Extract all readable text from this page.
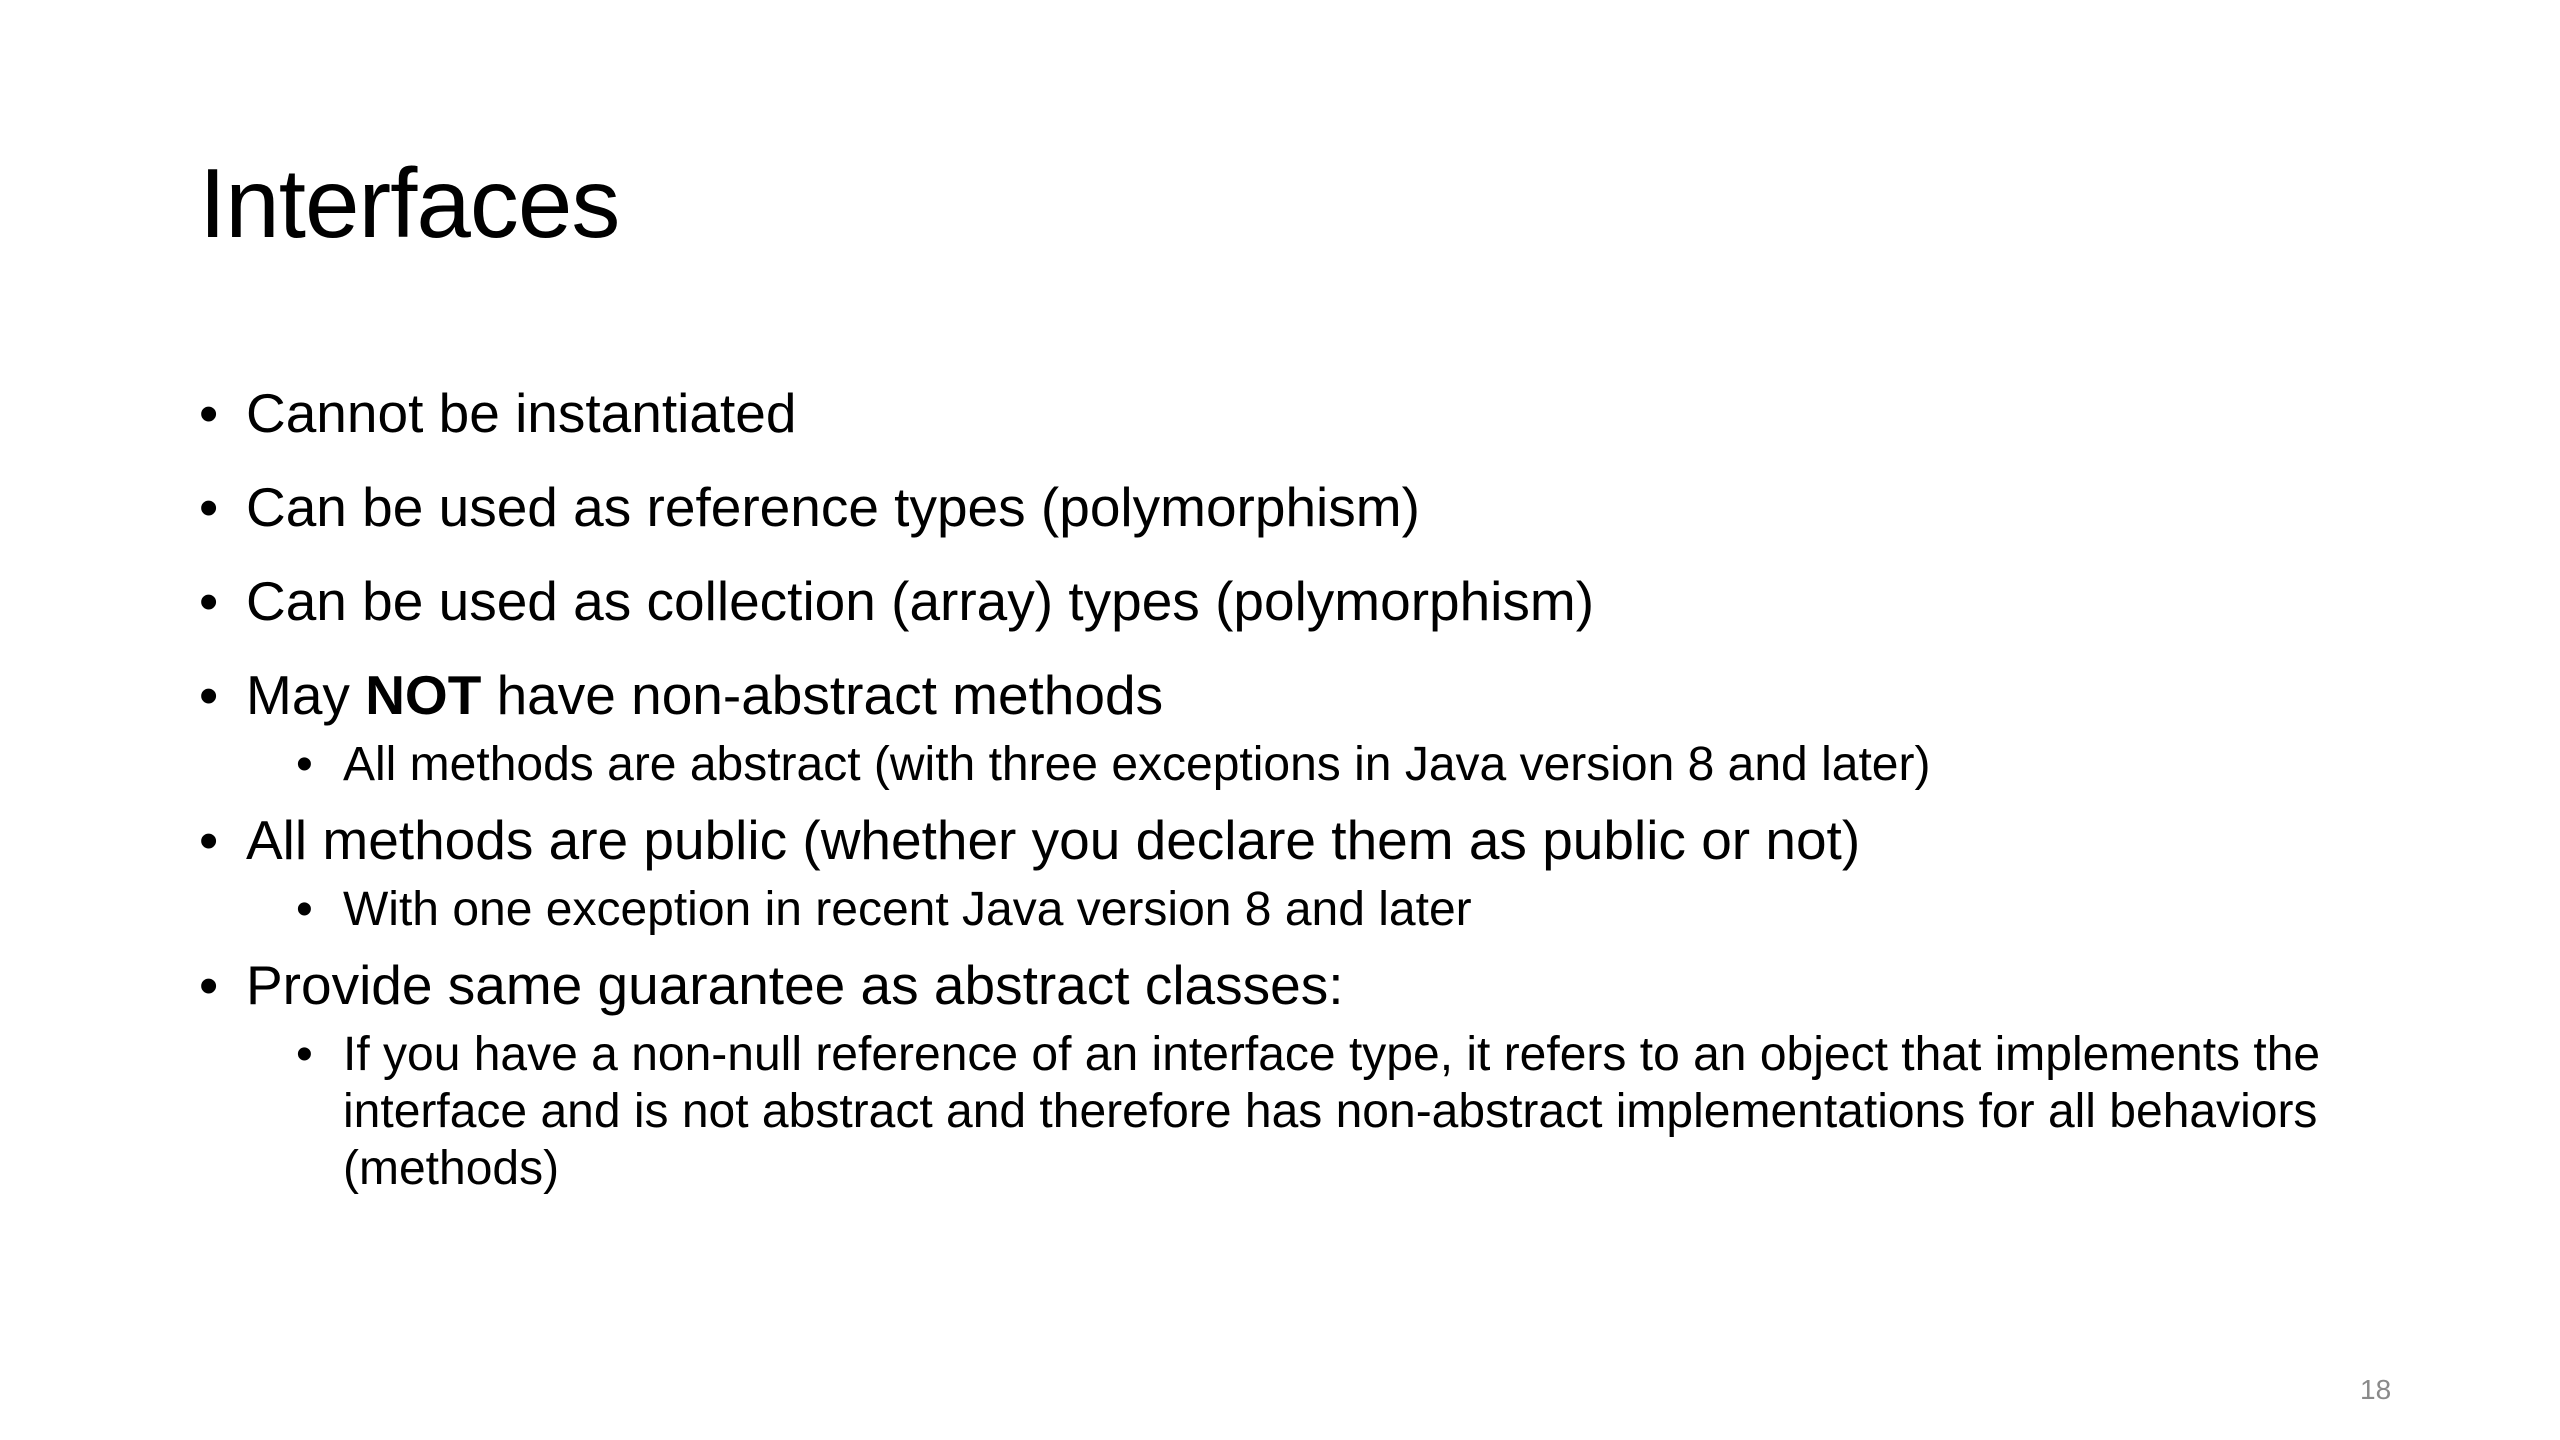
Interfaces
• Cannot be instantiated
• Can be used as reference types (polymorphism)
• Can be used as collection (array) types (polymorphism)
• May NOT have non-abstract methods
• All methods are abstract (with three exceptions in Java version 8 and later)
• All methods are public (whether you declare them as public or not)
• With one exception in recent Java version 8 and later
• Provide same guarantee as abstract classes:
• If you have a non-null reference of an interface type, it refers to an object that implements the interface and is not abstract and therefore has non-abstract implementations for all behaviors (methods)
18
